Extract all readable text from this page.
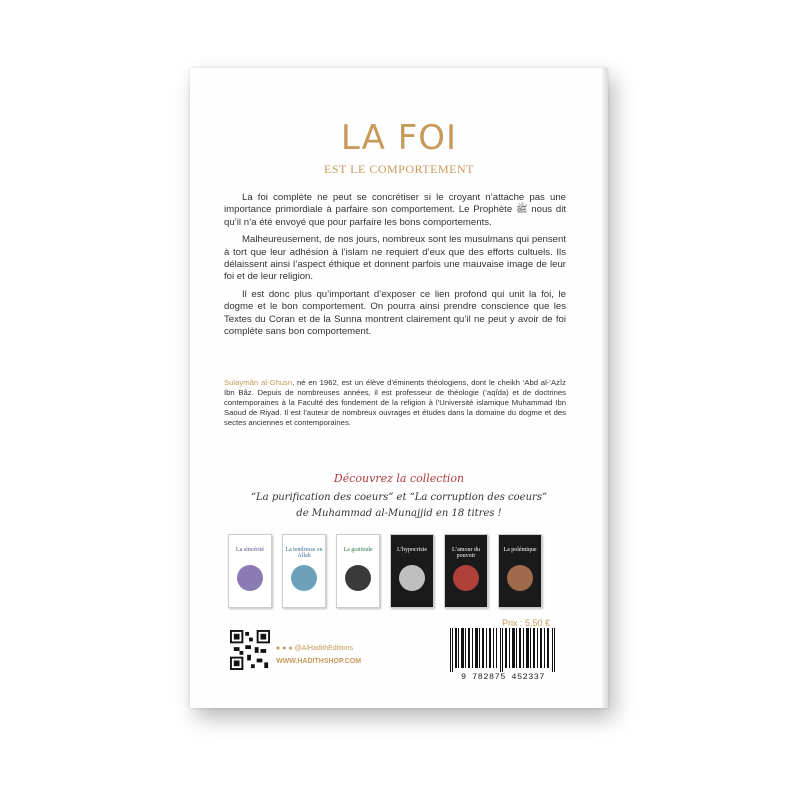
LA FOI
EST LE COMPORTEMENT

La foi complète ne peut se concrétiser si le croyant n’attache pas une importance primordiale à parfaire son comportement. Le Prophète ﷺ nous dit qu’il n’a été envoyé que pour parfaire les bons comportements.

Malheureusement, de nos jours, nombreux sont les musulmans qui pensent à tort que leur adhésion à l’islam ne requiert d’eux que des efforts cultuels. Ils délaissent ainsi l’aspect éthique et donnent parfois une mauvaise image de leur foi et de leur religion.

Il est donc plus qu’important d’exposer ce lien profond qui unit la foi, le dogme et le bon comportement. On pourra ainsi prendre conscience que les Textes du Coran et de la Sunna montrent clairement qu’il ne peut y avoir de foi complète sans bon comportement.

Sulaymân al-Ghusn, né en 1962, est un élève d’éminents théologiens, dont le cheikh ‘Abd al-‘Azîz Ibn Bâz. Depuis de nombreuses années, il est professeur de théologie (‘aqîda) et de doctrines contemporaines à la Faculté des fondement de la religion à l’Université islamique Muhammad Ibn Saoud de Riyad. Il est l’auteur de nombreux ouvrages et études dans la domaine du dogme et des sectes anciennes et contemporaines.
Découvrez la collection
“La purification des coeurs” et “La corruption des coeurs”
de Muhammad al-Munajjid en 18 titres !
La sincérité	La tendresse en Allah
La gratitude	L’hypocrisie	L’amour du pouvoir
La polémique
Prix : 5,50 €
● ● ● @AlHadithEditions
WWW.HADITHSHOP.COM
9 782875 452337
